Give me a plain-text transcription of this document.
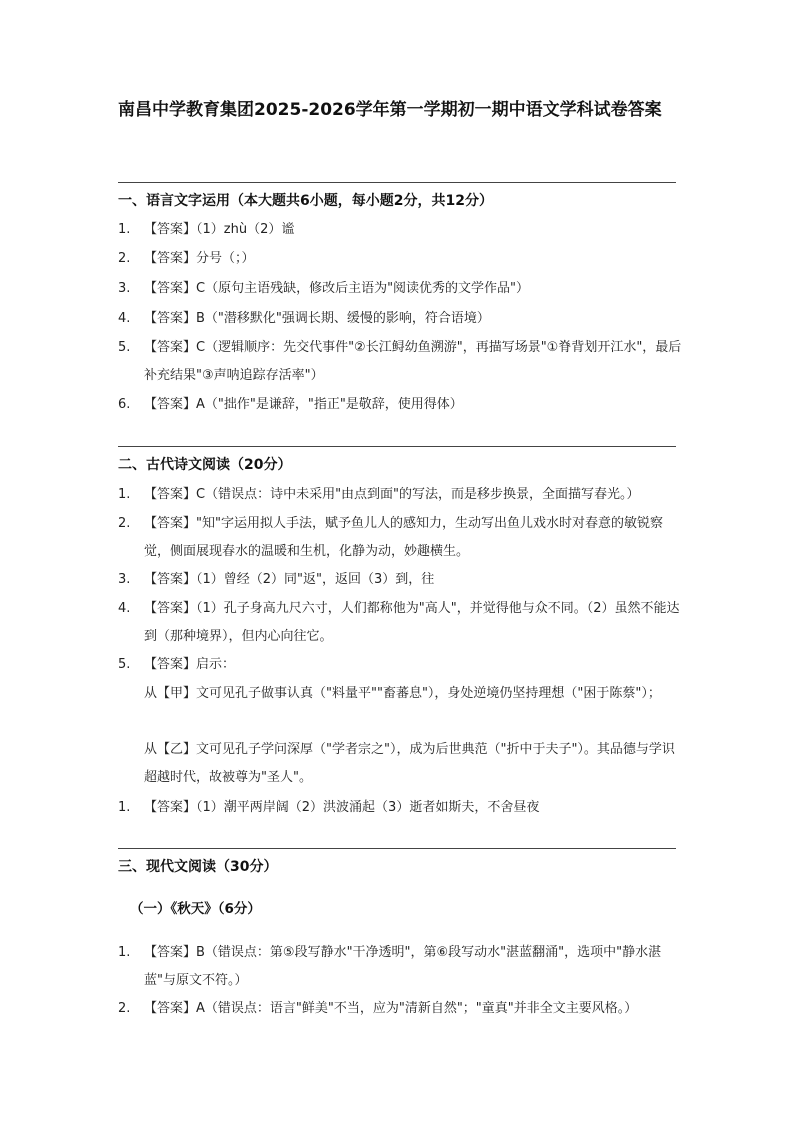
南昌中学教育集团2025-2026学年第一学期初一期中语文学科试卷答案
一、语言文字运用（本大题共6小题，每小题2分，共12分）
1.	【答案】（1）zhù（2）谧
2.	【答案】分号（；）
3.	【答案】C（原句主语残缺，修改后主语为"阅读优秀的文学作品"）
4.	【答案】B（"潜移默化"强调长期、缓慢的影响，符合语境）
5.	【答案】C（逻辑顺序：先交代事件"②长江鲟幼鱼溯游"，再描写场景"①脊背划开江水"，最后补充结果"③声呐追踪存活率"）
6.	【答案】A（"拙作"是谦辞，"指正"是敬辞，使用得体）
二、古代诗文阅读（20分）
1.	【答案】C（错误点：诗中未采用"由点到面"的写法，而是移步换景，全面描写春光。）
2.	【答案】"知"字运用拟人手法，赋予鱼儿人的感知力，生动写出鱼儿戏水时对春意的敏锐察觉，侧面展现春水的温暖和生机，化静为动，妙趣横生。
3.	【答案】（1）曾经（2）同"返"，返回（3）到，往
4.	【答案】（1）孔子身高九尺六寸，人们都称他为"高人"，并觉得他与众不同。（2）虽然不能达到（那种境界），但内心向往它。
5.	【答案】启示：
从【甲】文可见孔子做事认真（"料量平""畜蕃息"），身处逆境仍坚持理想（"困于陈蔡"）；
从【乙】文可见孔子学问深厚（"学者宗之"），成为后世典范（"折中于夫子"）。其品德与学识超越时代，故被尊为"圣人"。
1.	【答案】（1）潮平两岸阔（2）洪波涌起（3）逝者如斯夫，不舍昼夜
三、现代文阅读（30分）
（一）《秋天》（6分）
1.	【答案】B（错误点：第⑤段写静水"干净透明"，第⑥段写动水"湛蓝翻涌"，选项中"静水湛蓝"与原文不符。）
2.	【答案】A（错误点：语言"鲜美"不当，应为"清新自然"；"童真"并非全文主要风格。）
